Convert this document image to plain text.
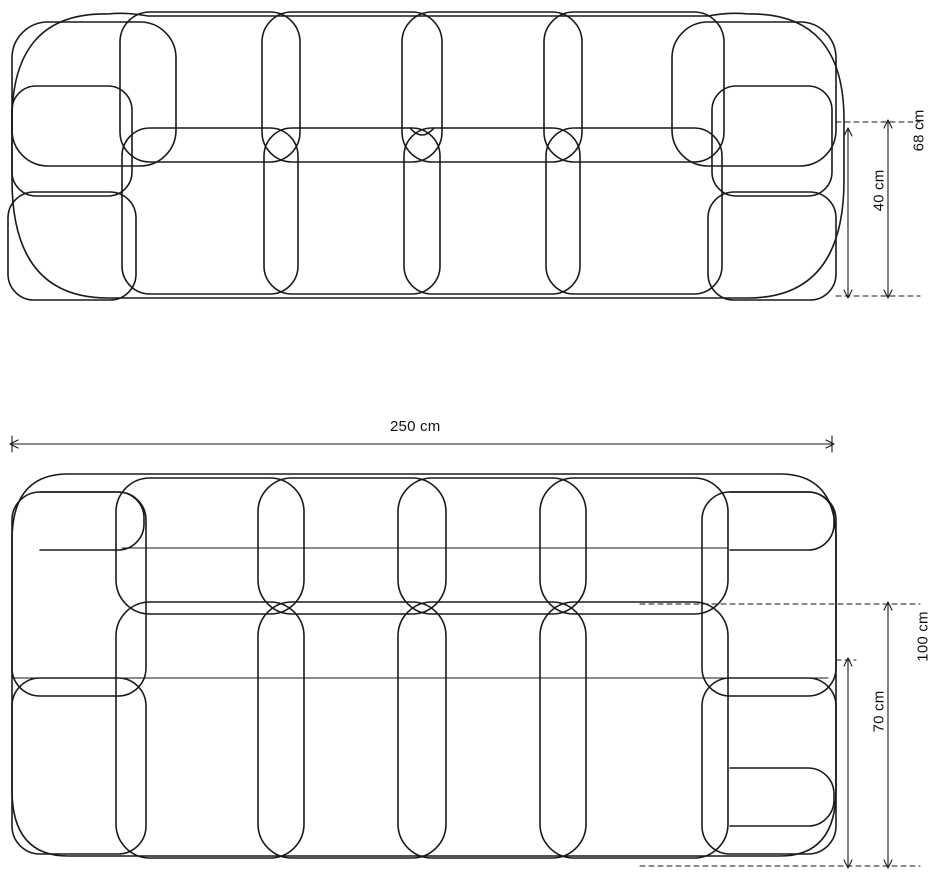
68 cm
40 cm
250 cm
100 cm
70 cm
